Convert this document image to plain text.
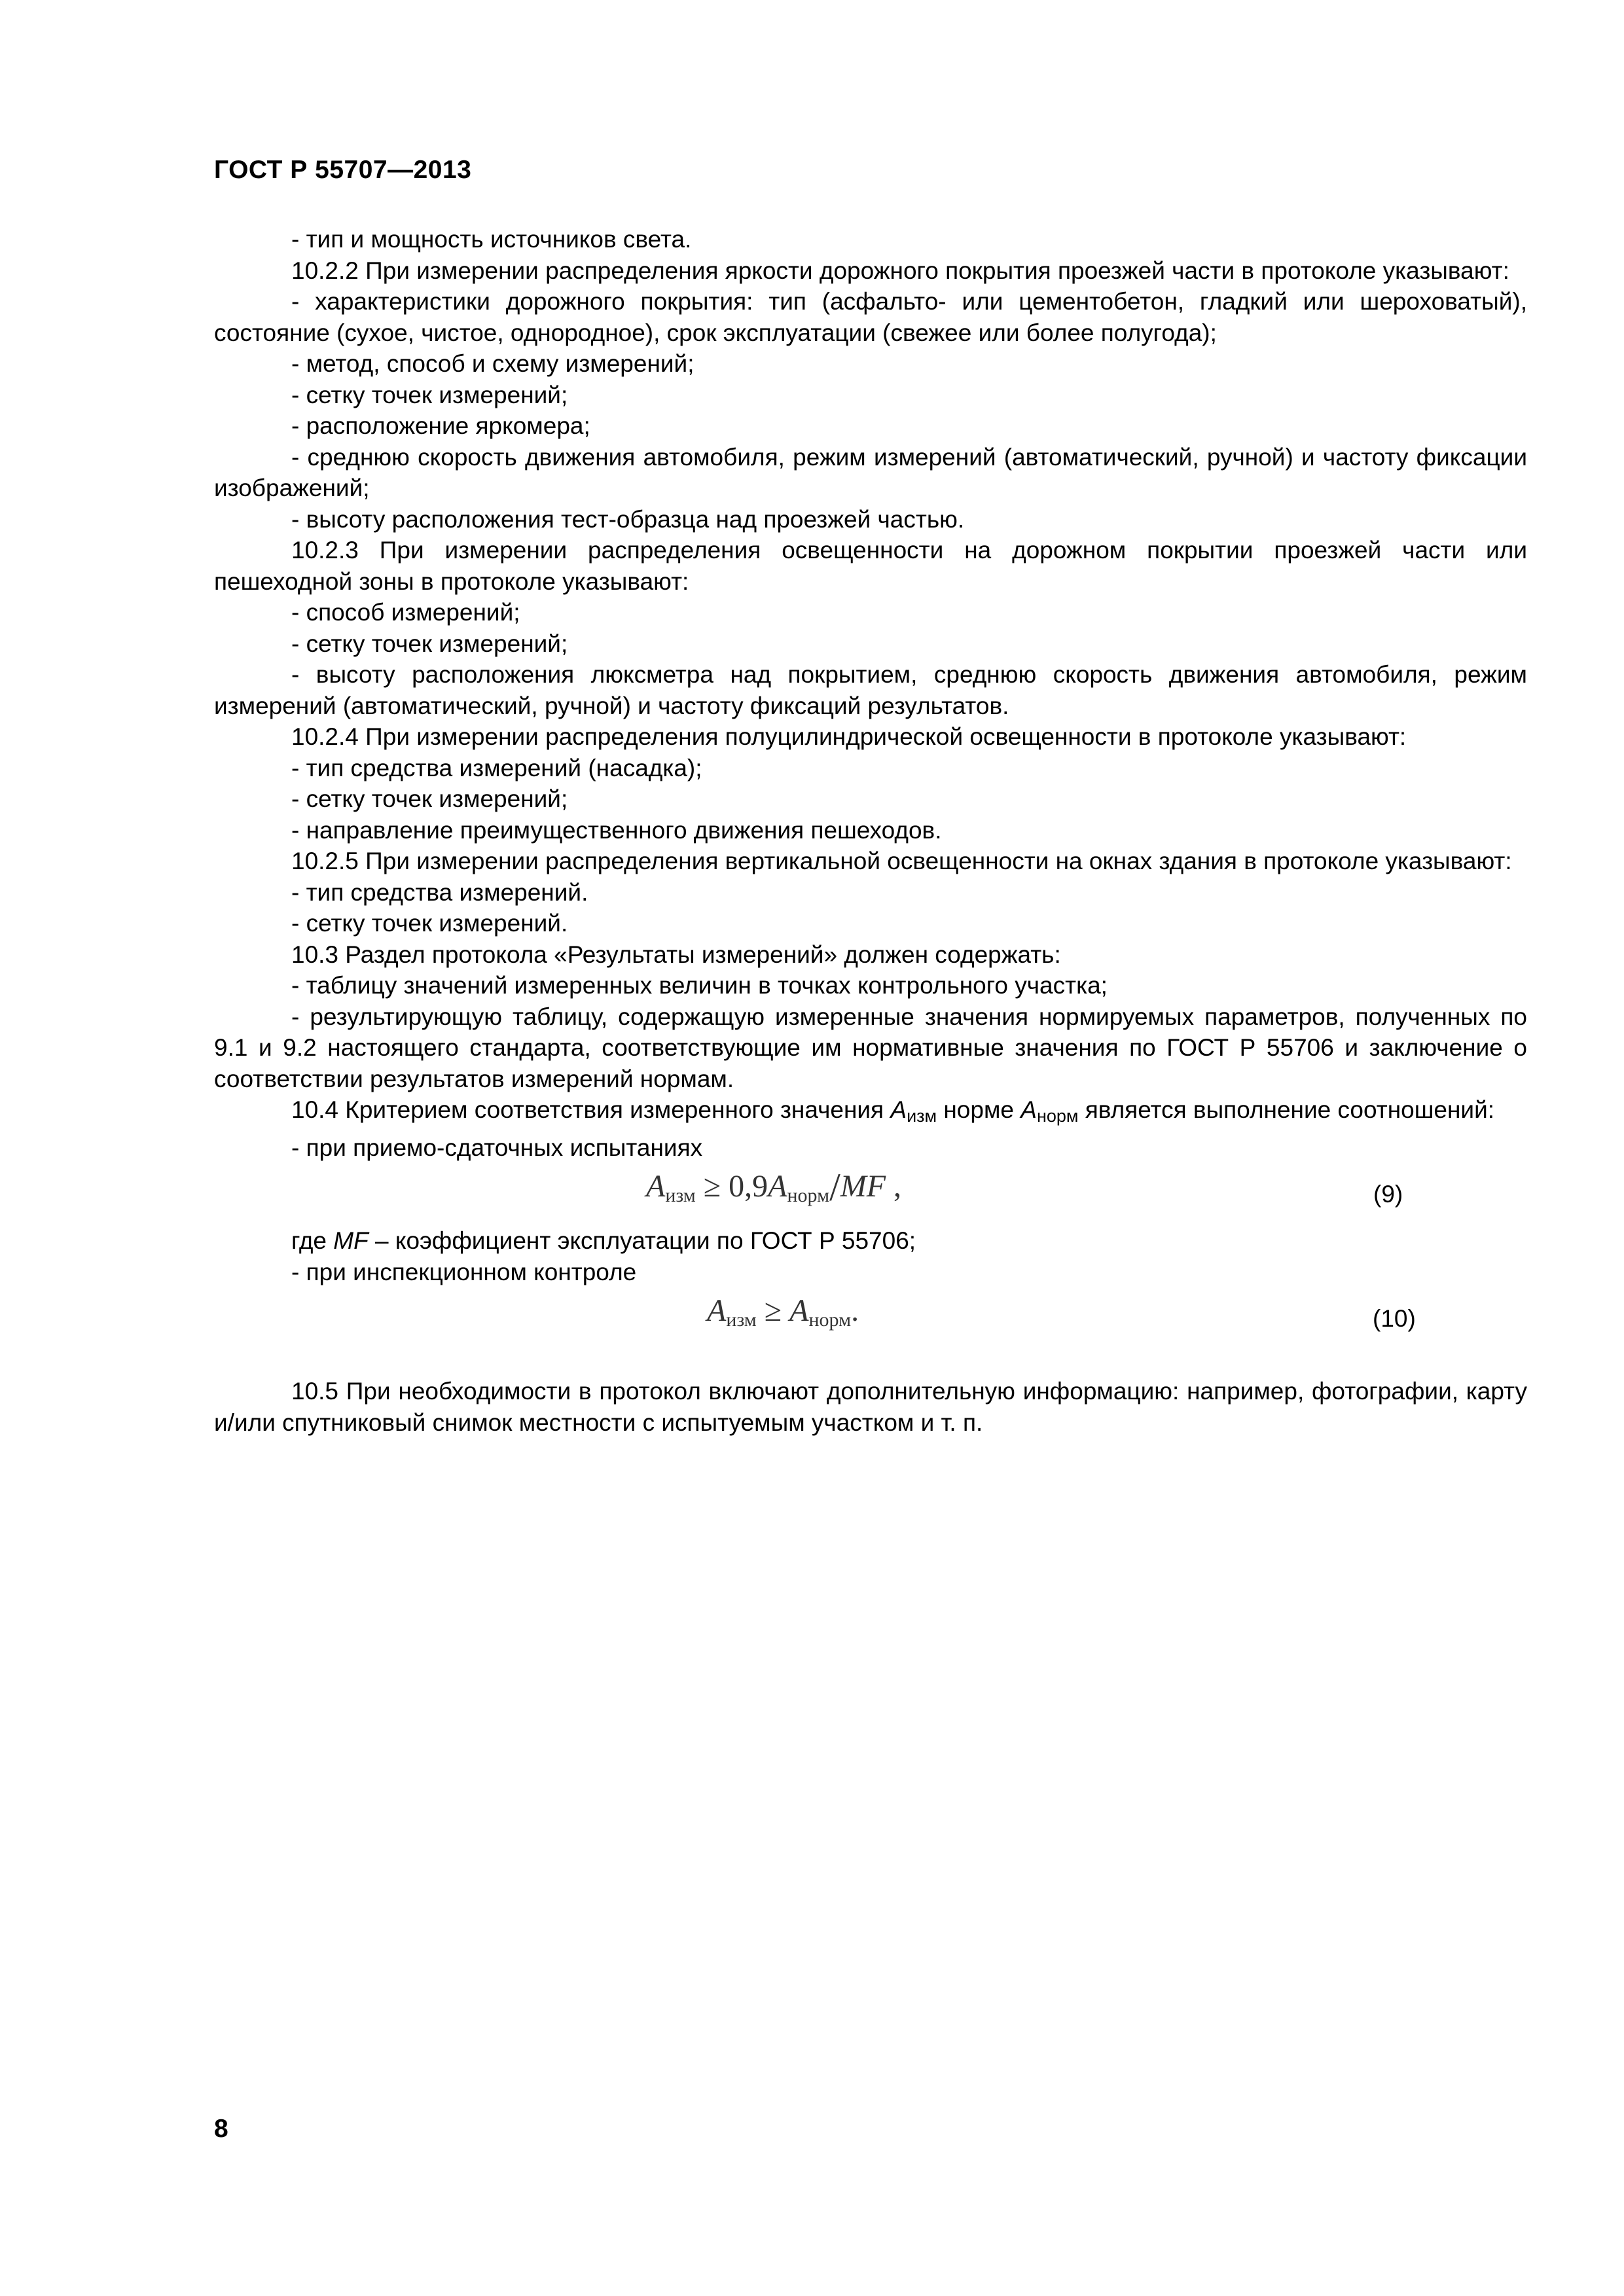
ГОСТ Р 55707—2013

- тип и мощность источников света.

10.2.2 При измерении распределения яркости дорожного покрытия проезжей части в протоколе указывают:

- характеристики дорожного покрытия: тип (асфальто- или цементобетон, гладкий или шероховатый), состояние (сухое, чистое, однородное), срок эксплуатации (свежее или более полугода);

- метод, способ и схему измерений;

- сетку точек измерений;

- расположение яркомера;

- среднюю скорость движения автомобиля, режим измерений (автоматический, ручной) и частоту фиксации изображений;

- высоту расположения тест-образца над проезжей частью.

10.2.3 При измерении распределения освещенности на дорожном покрытии проезжей части или пешеходной зоны в протоколе указывают:

- способ измерений;

- сетку точек измерений;

- высоту расположения люксметра над покрытием, среднюю скорость движения автомобиля, режим измерений (автоматический, ручной) и частоту фиксаций результатов.

10.2.4 При измерении распределения полуцилиндрической освещенности в протоколе указывают:

- тип средства измерений (насадка);

- сетку точек измерений;

- направление преимущественного движения пешеходов.

10.2.5 При измерении распределения вертикальной освещенности на окнах здания в протоколе указывают:

- тип средства измерений.

- сетку точек измерений.

10.3 Раздел протокола «Результаты измерений» должен содержать:

- таблицу значений измеренных величин в точках контрольного участка;

- результирующую таблицу, содержащую измеренные значения нормируемых параметров, полученных по 9.1 и 9.2 настоящего стандарта, соответствующие им нормативные значения по ГОСТ Р 55706 и заключение о соответствии результатов измерений нормам.

10.4 Критерием соответствия измеренного значения Aизм норме Aнорм является выполнение соотношений:

- при приемо-сдаточных испытаниях

$A_{изм} \ge 0,9A_{норм}/MF$ ,	(9)

где MF – коэффициент эксплуатации по ГОСТ Р 55706;

- при инспекционном контроле

$A_{изм} \ge A_{норм}$.	(10)

10.5 При необходимости в протокол включают дополнительную информацию: например, фотографии, карту и/или спутниковый снимок местности с испытуемым участком и т. п.

8
